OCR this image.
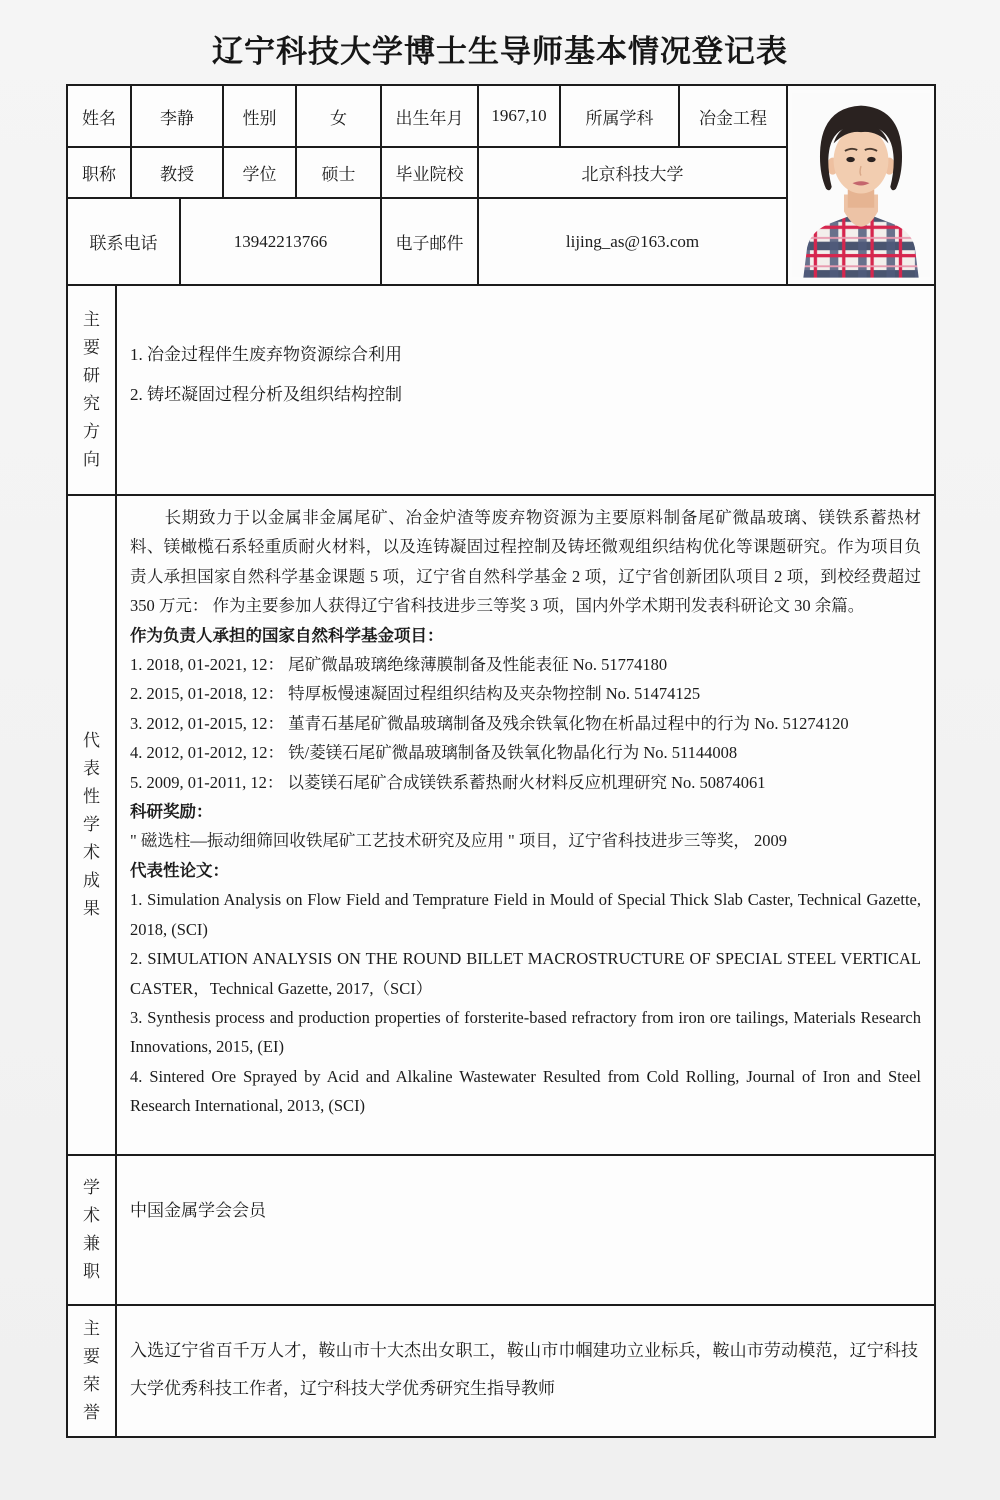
辽宁科技大学博士生导师基本情况登记表
姓名	李静	性别	女	出生年月	1967,10	所属学科	冶金工程
职称	教授	学位	硕士	毕业院校	北京科技大学
联系电话	13942213766	电子邮件	lijing_as@163.com
主要研究方向
1. 冶金过程伴生废弃物资源综合利用
2. 铸坯凝固过程分析及组织结构控制
代表性学术成果

长期致力于以金属非金属尾矿、冶金炉渣等废弃物资源为主要原料制备尾矿微晶玻璃、镁铁系蓄热材料、镁橄榄石系轻重质耐火材料，以及连铸凝固过程控制及铸坯微观组织结构优化等课题研究。作为项目负责人承担国家自然科学基金课题 5 项，辽宁省自然科学基金 2 项，辽宁省创新团队项目 2 项，到校经费超过 350 万元： 作为主要参加人获得辽宁省科技进步三等奖 3 项，国内外学术期刊发表科研论文 30 余篇。

作为负责人承担的国家自然科学基金项目：

1. 2018, 01-2021, 12： 尾矿微晶玻璃绝缘薄膜制备及性能表征 No. 51774180
2. 2015, 01-2018, 12： 特厚板慢速凝固过程组织结构及夹杂物控制 No. 51474125
3. 2012, 01-2015, 12： 堇青石基尾矿微晶玻璃制备及残余铁氧化物在析晶过程中的行为 No. 51274120
4. 2012, 01-2012, 12： 铁/菱镁石尾矿微晶玻璃制备及铁氧化物晶化行为 No. 51144008
5. 2009, 01-2011, 12： 以菱镁石尾矿合成镁铁系蓄热耐火材料反应机理研究 No. 50874061

科研奖励：

" 磁选柱—振动细筛回收铁尾矿工艺技术研究及应用 " 项目，辽宁省科技进步三等奖， 2009

代表性论文：

1. Simulation Analysis on Flow Field and Temprature Field in Mould of Special Thick Slab Caster, Technical Gazette, 2018, (SCI)
2. SIMULATION ANALYSIS ON THE ROUND BILLET MACROSTRUCTURE OF SPECIAL STEEL VERTICAL CASTER，Technical Gazette, 2017,（SCI）
3. Synthesis process and production properties of forsterite-based refractory from iron ore tailings, Materials Research Innovations, 2015, (EI)
4. Sintered Ore Sprayed by Acid and Alkaline Wastewater Resulted from Cold Rolling, Journal of Iron and Steel Research International, 2013, (SCI)
学术兼职
中国金属学会会员
主要荣誉
入选辽宁省百千万人才，鞍山市十大杰出女职工，鞍山市巾帼建功立业标兵，鞍山市劳动模范，辽宁科技大学优秀科技工作者，辽宁科技大学优秀研究生指导教师
